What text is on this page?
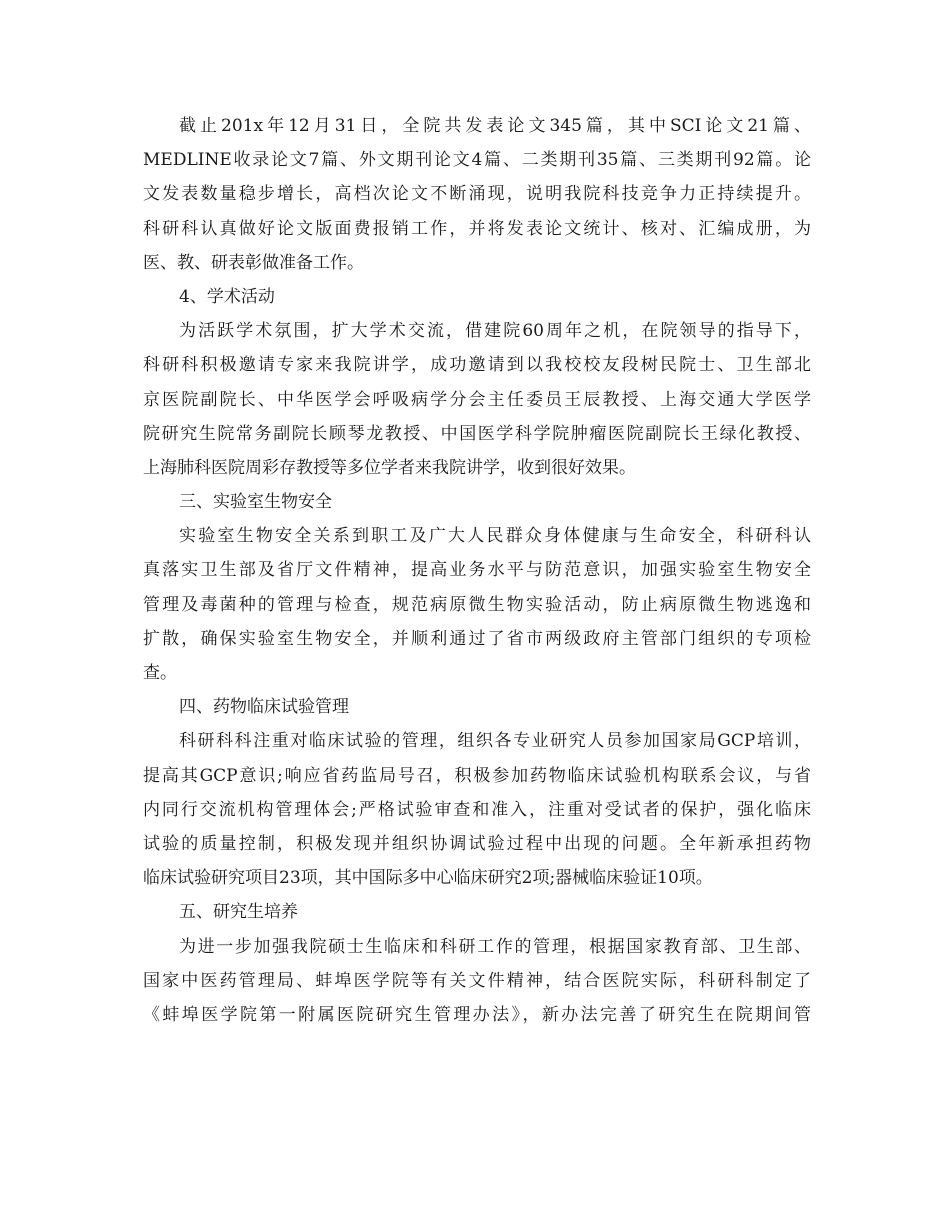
截止201x年12月31日，全院共发表论文345篇，其中SCI论文21篇、
MEDLINE收录论文7篇、外文期刊论文4篇、二类期刊35篇、三类期刊92篇。论
文发表数量稳步增长，高档次论文不断涌现，说明我院科技竞争力正持续提升。
科研科认真做好论文版面费报销工作，并将发表论文统计、核对、汇编成册，为
医、教、研表彰做准备工作。
4、学术活动
为活跃学术氛围，扩大学术交流，借建院60周年之机，在院领导的指导下，
科研科积极邀请专家来我院讲学，成功邀请到以我校校友段树民院士、卫生部北
京医院副院长、中华医学会呼吸病学分会主任委员王辰教授、上海交通大学医学
院研究生院常务副院长顾琴龙教授、中国医学科学院肿瘤医院副院长王绿化教授、
上海肺科医院周彩存教授等多位学者来我院讲学，收到很好效果。
三、实验室生物安全
实验室生物安全关系到职工及广大人民群众身体健康与生命安全，科研科认
真落实卫生部及省厅文件精神，提高业务水平与防范意识，加强实验室生物安全
管理及毒菌种的管理与检查，规范病原微生物实验活动，防止病原微生物逃逸和
扩散，确保实验室生物安全，并顺利通过了省市两级政府主管部门组织的专项检
查。
四、药物临床试验管理
科研科科注重对临床试验的管理，组织各专业研究人员参加国家局GCP培训，
提高其GCP意识;响应省药监局号召，积极参加药物临床试验机构联系会议，与省
内同行交流机构管理体会;严格试验审查和准入，注重对受试者的保护，强化临床
试验的质量控制，积极发现并组织协调试验过程中出现的问题。全年新承担药物
临床试验研究项目23项，其中国际多中心临床研究2项;器械临床验证10项。
五、研究生培养
为进一步加强我院硕士生临床和科研工作的管理，根据国家教育部、卫生部、
国家中医药管理局、蚌埠医学院等有关文件精神，结合医院实际，科研科制定了
《蚌埠医学院第一附属医院研究生管理办法》，新办法完善了研究生在院期间管
